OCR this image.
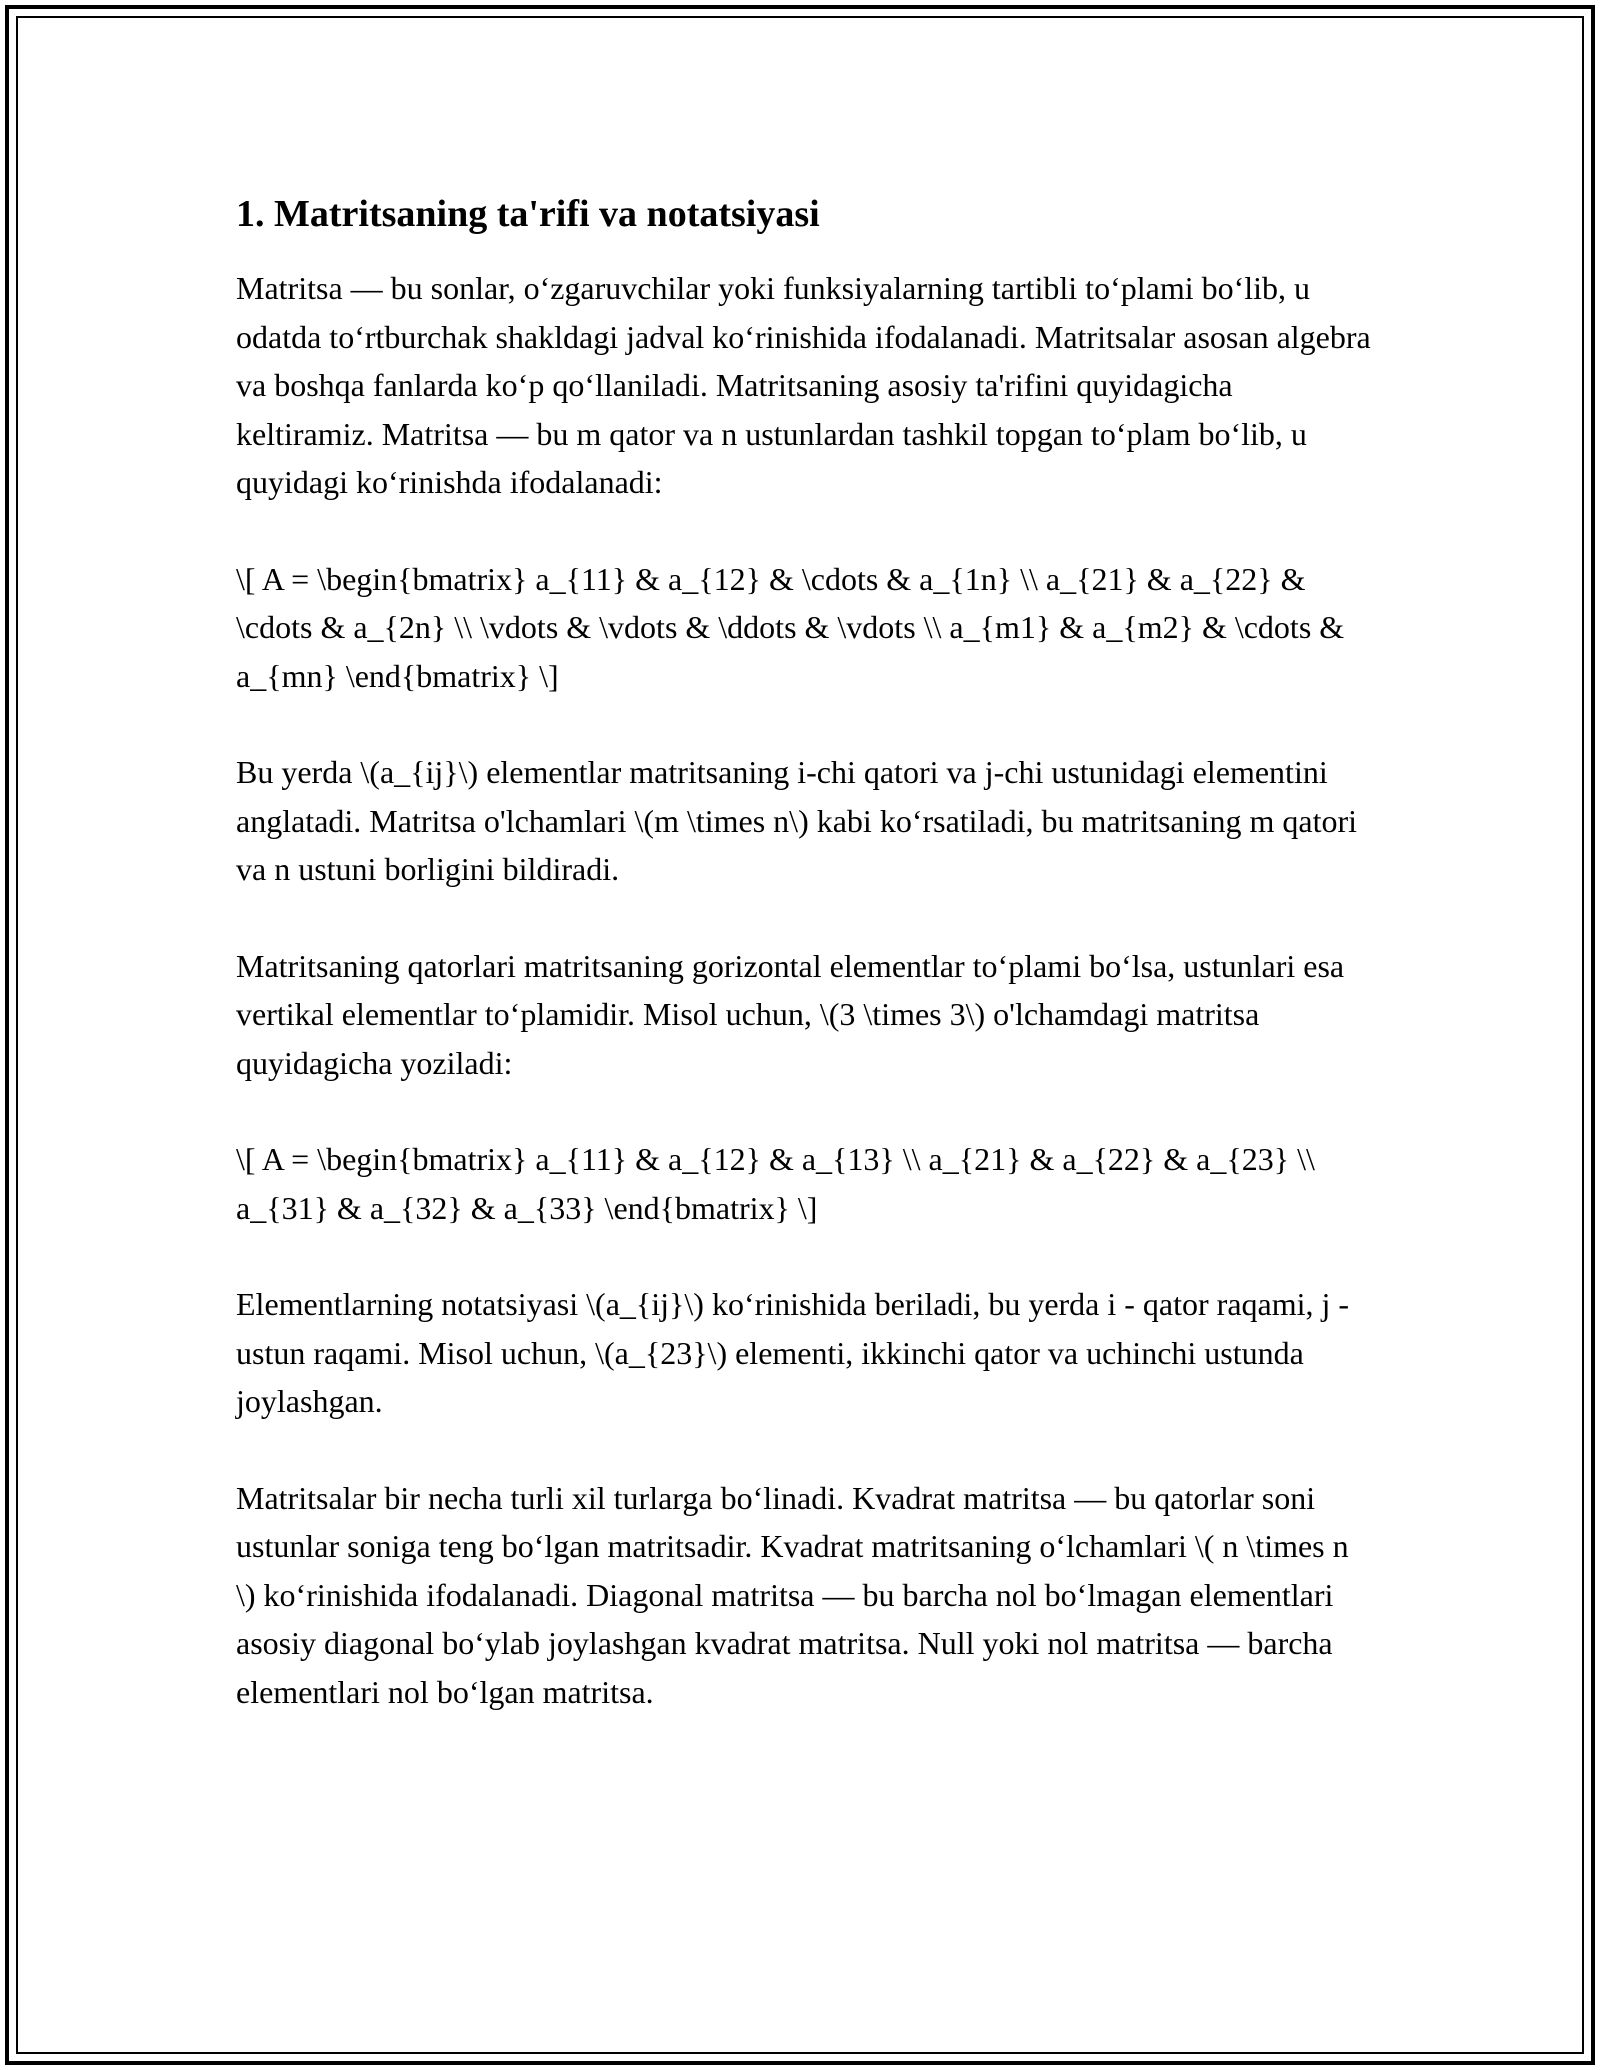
1. Matritsaning ta'rifi va notatsiyasi

Matritsa — bu sonlar, o‘zgaruvchilar yoki funksiyalarning tartibli to‘plami bo‘lib, u odatda to‘rtburchak shakldagi jadval ko‘rinishida ifodalanadi. Matritsalar asosan algebra va boshqa fanlarda ko‘p qo‘llaniladi. Matritsaning asosiy ta'rifini quyidagicha keltiramiz. Matritsa — bu m qator va n ustunlardan tashkil topgan to‘plam bo‘lib, u quyidagi ko‘rinishda ifodalanadi:

\[ A = \begin{bmatrix} a_{11} & a_{12} & \cdots & a_{1n} \\ a_{21} & a_{22} & \cdots & a_{2n} \\ \vdots & \vdots & \ddots & \vdots \\ a_{m1} & a_{m2} & \cdots & a_{mn} \end{bmatrix} \]

Bu yerda \(a_{ij}\) elementlar matritsaning i-chi qatori va j-chi ustunidagi elementini anglatadi. Matritsa o'lchamlari \(m \times n\) kabi ko‘rsatiladi, bu matritsaning m qatori va n ustuni borligini bildiradi.

Matritsaning qatorlari matritsaning gorizontal elementlar to‘plami bo‘lsa, ustunlari esa vertikal elementlar to‘plamidir. Misol uchun, \(3 \times 3\) o'lchamdagi matritsa quyidagicha yoziladi:

\[ A = \begin{bmatrix} a_{11} & a_{12} & a_{13} \\ a_{21} & a_{22} & a_{23} \\ a_{31} & a_{32} & a_{33} \end{bmatrix} \]

Elementlarning notatsiyasi \(a_{ij}\) ko‘rinishida beriladi, bu yerda i - qator raqami, j - ustun raqami. Misol uchun, \(a_{23}\) elementi, ikkinchi qator va uchinchi ustunda joylashgan.

Matritsalar bir necha turli xil turlarga bo‘linadi. Kvadrat matritsa — bu qatorlar soni ustunlar soniga teng bo‘lgan matritsadir. Kvadrat matritsaning o‘lchamlari \( n \times n \) ko‘rinishida ifodalanadi. Diagonal matritsa — bu barcha nol bo‘lmagan elementlari asosiy diagonal bo‘ylab joylashgan kvadrat matritsa. Null yoki nol matritsa — barcha elementlari nol bo‘lgan matritsa.
